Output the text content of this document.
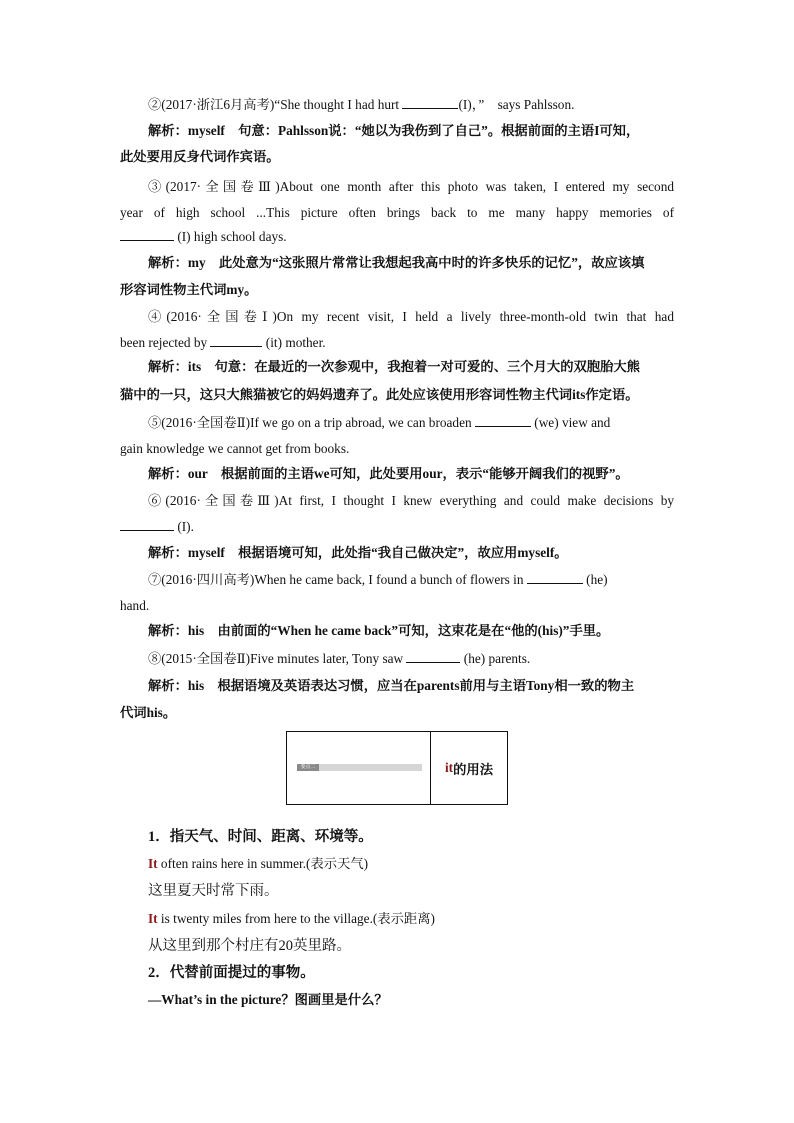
②(2017·浙江6月高考)“She thought I had hurt	(I)，”　says Pahlsson.
解析：myself　句意：Pahlsson说：“她以为我伤到了自己”。根据前面的主语I可知，
此处要用反身代词作宾语。
③(2017·全国卷Ⅲ)About one month after this photo was taken, I entered my second
year of high school ...This picture often brings back to me many happy memories of
(I) high school days.
解析：my　此处意为“这张照片常常让我想起我高中时的许多快乐的记忆”，故应该填
形容词性物主代词my。
④(2016·全国卷Ⅰ)On my recent visit, I held a lively three-month-old twin that had
been rejected by	(it) mother.
解析：its　句意：在最近的一次参观中，我抱着一对可爱的、三个月大的双胞胎大熊
猫中的一只，这只大熊猫被它的妈妈遗弃了。此处应该使用形容词性物主代词its作定语。
⑤(2016·全国卷Ⅱ)If we go on a trip abroad, we can broaden	(we) view and
gain knowledge we cannot get from books.
解析：our　根据前面的主语we可知，此处要用our，表示“能够开阔我们的视野”。
⑥(2016·全国卷Ⅲ)At first, I thought I knew everything and could make decisions by
(I).
解析：myself　根据语境可知，此处指“我自己做决定”，故应用myself。
⑦(2016·四川高考)When he came back, I found a bunch of flowers in	(he)
hand.
解析：his　由前面的“When he came back”可知，这束花是在“他的(his)”手里。
⑧(2015·全国卷Ⅱ)Five minutes later, Tony saw	(he) parents.
解析：his　根据语境及英语表达习惯，应当在parents前用与主语Tony相一致的物主
代词his。
要点二	it 的用法
1．指天气、时间、距离、环境等。
It often rains here in summer.(表示天气)
这里夏天时常下雨。
It is twenty miles from here to the village.(表示距离)
从这里到那个村庄有20英里路。
2．代替前面提过的事物。
—What’s in the picture？图画里是什么？
